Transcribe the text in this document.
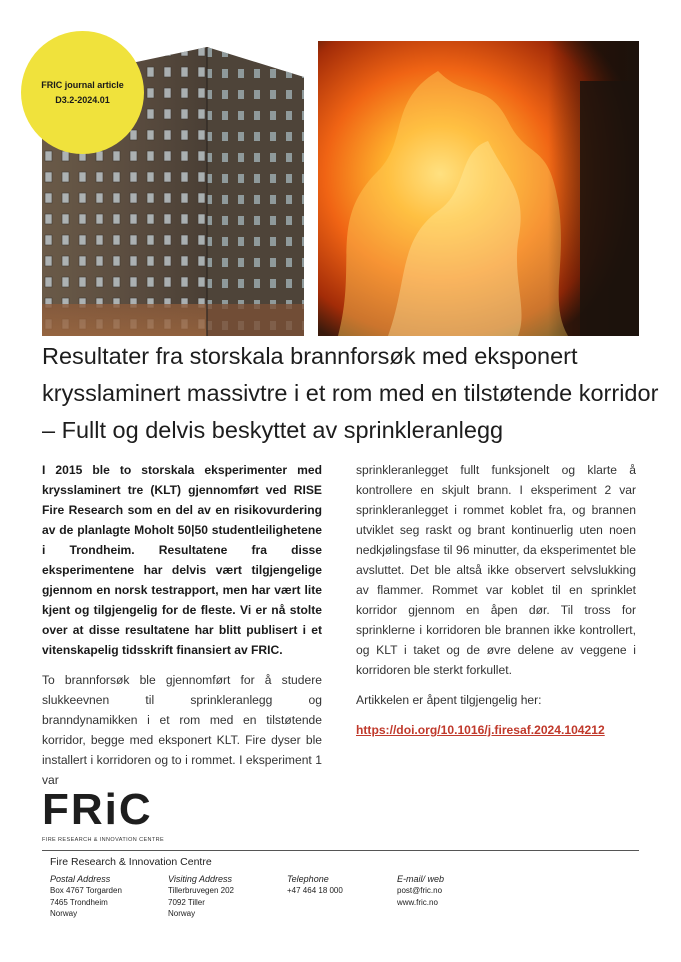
FRIC journal article
D3.2-2024.01
Resultater fra storskala brannforsøk med eksponert krysslaminert massivtre i et rom med en tilstøtende korridor – Fullt og delvis beskyttet av sprinkleranlegg

I 2015 ble to storskala eksperimenter med krysslaminert tre (KLT) gjennomført ved RISE Fire Research som en del av en risikovurdering av de planlagte Moholt 50|50 studentleilighetene i Trondheim. Resultatene fra disse eksperimentene har delvis vært tilgjengelige gjennom en norsk testrapport, men har vært lite kjent og tilgjengelig for de fleste. Vi er nå stolte over at disse resultatene har blitt publisert i et vitenskapelig tidsskrift finansiert av FRIC.

To brannforsøk ble gjennomført for å studere slukkeevnen til sprinkleranlegg og branndynamikken i et rom med en tilstøtende korridor, begge med eksponert KLT. Fire dyser ble installert i korridoren og to i rommet. I eksperiment 1 var

sprinkleranlegget fullt funksjonelt og klarte å kontrollere en skjult brann. I eksperiment 2 var sprinkleranlegget i rommet koblet fra, og brannen utviklet seg raskt og brant kontinuerlig uten noen nedkjølingsfase til 96 minutter, da eksperimentet ble avsluttet. Det ble altså ikke observert selvslukking av flammer. Rommet var koblet til en sprinklet korridor gjennom en åpen dør. Til tross for sprinklerne i korridoren ble brannen ikke kontrollert, og KLT i taket og de øvre delene av veggene i korridoren ble sterkt forkullet.

Artikkelen er åpent tilgjengelig her:

https://doi.org/10.1016/j.firesaf.2024.104212

FRiC
FIRE RESEARCH & INNOVATION CENTRE
Fire Research & Innovation Centre
Postal Address
Box 4767 Torgarden
7465 Trondheim
Norway
Visiting Address
Tillerbruvegen 202
7092 Tiller
Norway
Telephone
+47 464 18 000
E-mail/ web
post@fric.no
www.fric.no
